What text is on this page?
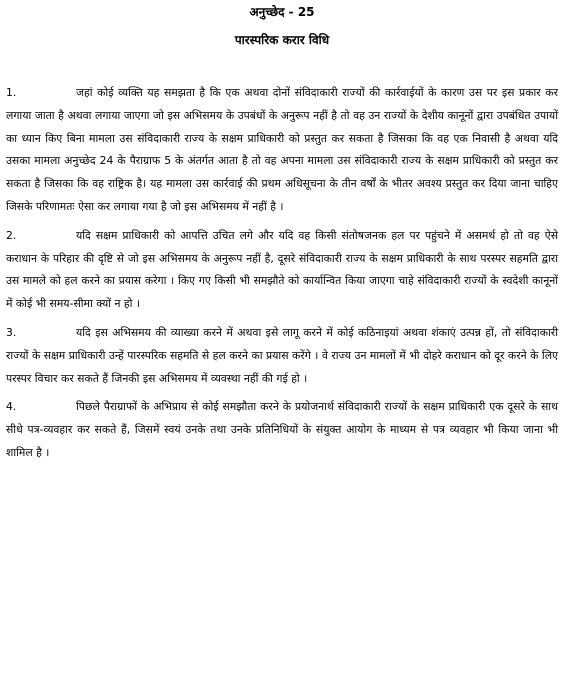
अनुच्छेद - 25
पारस्परिक करार विधि

1.	जहां कोई व्यक्ति यह समझता है कि एक अथवा दोनों संविदाकारी राज्यों की कार्रवाईयों के कारण उस पर इस प्रकार कर लगाया जाता है अथवा लगाया जाएगा जो इस अभिसमय के उपबंधों के अनुरूप नहीं है तो वह उन राज्यों के देशीय कानूनों द्वारा उपबंधित उपायों का ध्यान किए बिना मामला उस संविदाकारी राज्य के सक्षम प्राधिकारी को प्रस्तुत कर सकता है जिसका कि वह एक निवासी है अथवा यदि उसका मामला अनुच्छेद 24 के पैराग्राफ 5 के अंतर्गत आता है तो वह अपना मामला उस संविदाकारी राज्य के सक्षम प्राधिकारी को प्रस्तुत कर सकता है जिसका कि वह राष्ट्रिक है। यह मामला उस कार्रवाई की प्रथम अधिसूचना के तीन वर्षों के भीतर अवश्य प्रस्तुत कर दिया जाना चाहिए जिसके परिणामतः ऐसा कर लगाया गया है जो इस अभिसमय में नहीं है ।

2.	यदि सक्षम प्राधिकारी को आपत्ति उचित लगे और यदि वह किसी संतोषजनक हल पर पहुंचने में असमर्थ हो तो वह ऐसे कराधान के परिहार की दृष्टि से जो इस अभिसमय के अनुरूप नहीं है, दूसरे संविदाकारी राज्य के सक्षम प्राधिकारी के साथ परस्पर सहमति द्वारा उस मामले को हल करने का प्रयास करेगा । किए गए किसी भी समझौते को कार्यान्वित किया जाएगा चाहे संविदाकारी राज्यों के स्वदेशी कानूनों में कोई भी समय-सीमा क्यों न हो ।

3.	यदि इस अभिसमय की व्याख्या करने में अथवा इसे लागू करने में कोई कठिनाइयां अथवा शंकाएं उत्पन्न हों, तो संविदाकारी राज्यों के सक्षम प्राधिकारी उन्हें पारस्परिक सहमति से हल करने का प्रयास करेंगे । वे राज्य उन मामलों में भी दोहरे कराधान को दूर करने के लिए परस्पर विचार कर सकते हैं जिनकी इस अभिसमय में व्यवस्था नहीं की गई हो ।

4.	पिछले पैराग्राफों के अभिप्राय से कोई समझौता करने के प्रयोजनार्थ संविदाकारी राज्यों के सक्षम प्राधिकारी एक दूसरे के साथ सीधे पत्र-व्यवहार कर सकते हैं, जिसमें स्वयं उनके तथा उनके प्रतिनिधियों के संयुक्त आयोग के माध्यम से पत्र व्यवहार भी किया जाना भी शामिल है ।
